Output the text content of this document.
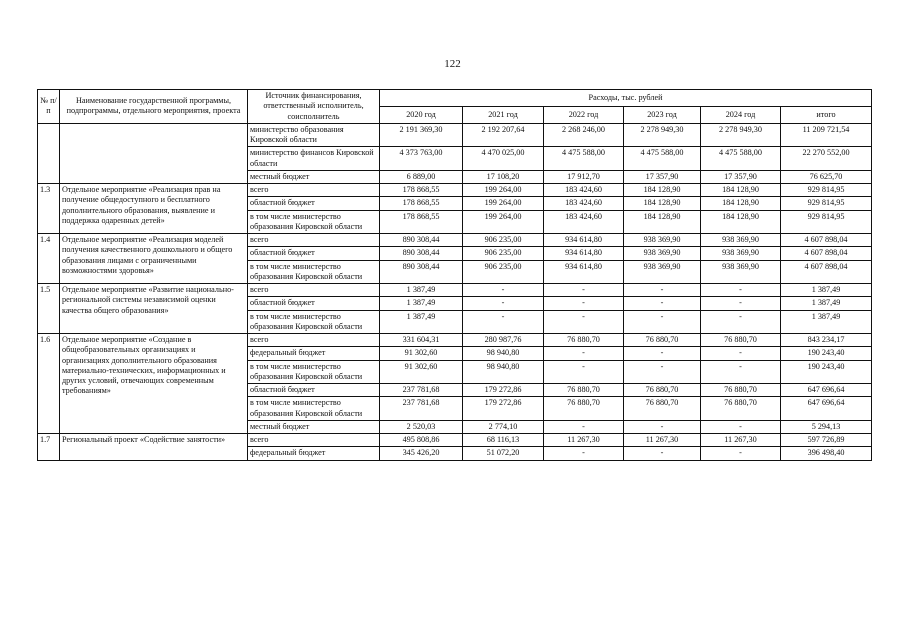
122
№ п/п	Наименование государственной программы, подпрограммы, отдельного мероприятия, проекта	Источник финансирования, ответственный исполнитель, соисполнитель	Расходы, тыс. рублей					
			2020 год	2021 год	2022 год	2023 год	2024 год	итого
		министерство образования Кировской области	2 191 369,30	2 192 207,64	2 268 246,00	2 278 949,30	2 278 949,30	11 209 721,54
		министерство финансов Кировской области	4 373 763,00	4 470 025,00	4 475 588,00	4 475 588,00	4 475 588,00	22 270 552,00
		местный бюджет	6 889,00	17 108,20	17 912,70	17 357,90	17 357,90	76 625,70
1.3	Отдельное мероприятие «Реализация прав на получение общедоступного и бесплатного дополнительного образования, выявление и поддержка одаренных детей»	всего	178 868,55	199 264,00	183 424,60	184 128,90	184 128,90	929 814,95
		областной бюджет	178 868,55	199 264,00	183 424,60	184 128,90	184 128,90	929 814,95
		в том числе министерство образования Кировской области	178 868,55	199 264,00	183 424,60	184 128,90	184 128,90	929 814,95
1.4	Отдельное мероприятие «Реализация моделей получения качественного дошкольного и общего образования лицами с ограниченными возможностями здоровья»	всего	890 308,44	906 235,00	934 614,80	938 369,90	938 369,90	4 607 898,04
		областной бюджет	890 308,44	906 235,00	934 614,80	938 369,90	938 369,90	4 607 898,04
		в том числе министерство образования Кировской области	890 308,44	906 235,00	934 614,80	938 369,90	938 369,90	4 607 898,04
1.5	Отдельное мероприятие «Развитие национально-региональной системы независимой оценки качества общего образования»	всего	1 387,49	-	-	-	-	1 387,49
		областной бюджет	1 387,49	-	-	-	-	1 387,49
		в том числе министерство образования Кировской области	1 387,49	-	-	-	-	1 387,49
1.6	Отдельное мероприятие «Создание в общеобразовательных организациях и организациях дополнительного образования материально-технических, информационных и других условий, отвечающих современным требованиям»	всего	331 604,31	280 987,76	76 880,70	76 880,70	76 880,70	843 234,17
		федеральный бюджет	91 302,60	98 940,80	-	-	-	190 243,40
		в том числе министерство образования Кировской области	91 302,60	98 940,80	-	-	-	190 243,40
		областной бюджет	237 781,68	179 272,86	76 880,70	76 880,70	76 880,70	647 696,64
		в том числе министерство образования Кировской области	237 781,68	179 272,86	76 880,70	76 880,70	76 880,70	647 696,64
		местный бюджет	2 520,03	2 774,10	-	-	-	5 294,13
1.7	Региональный проект «Содействие занятости»	всего	495 808,86	68 116,13	11 267,30	11 267,30	11 267,30	597 726,89
		федеральный бюджет	345 426,20	51 072,20	-	-	-	396 498,40
